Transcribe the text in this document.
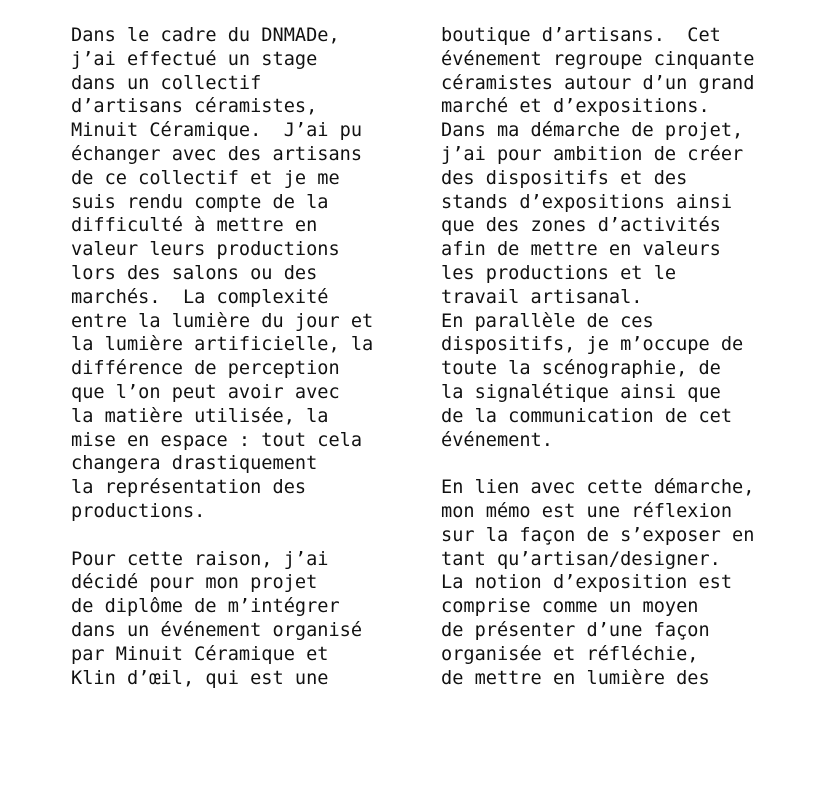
Dans le cadre du DNMADe,
j’ai effectué un stage
dans un collectif
d’artisans céramistes,
Minuit Céramique.  J’ai pu
échanger avec des artisans
de ce collectif et je me
suis rendu compte de la
difficulté à mettre en
valeur leurs productions
lors des salons ou des
marchés.  La complexité
entre la lumière du jour et
la lumière artificielle, la
différence de perception
que l’on peut avoir avec
la matière utilisée, la
mise en espace : tout cela
changera drastiquement
la représentation des
productions.

Pour cette raison, j’ai
décidé pour mon projet
de diplôme de m’intégrer
dans un événement organisé
par Minuit Céramique et
Klin d’œil, qui est une

boutique d’artisans.  Cet
événement regroupe cinquante
céramistes autour d’un grand
marché et d’expositions.
Dans ma démarche de projet,
j’ai pour ambition de créer
des dispositifs et des
stands d’expositions ainsi
que des zones d’activités
afin de mettre en valeurs
les productions et le
travail artisanal.
En parallèle de ces
dispositifs, je m’occupe de
toute la scénographie, de
la signalétique ainsi que
de la communication de cet
événement.

En lien avec cette démarche,
mon mémo est une réflexion
sur la façon de s’exposer en
tant qu’artisan/designer.
La notion d’exposition est
comprise comme un moyen
de présenter d’une façon
organisée et réfléchie,
de mettre en lumière des
